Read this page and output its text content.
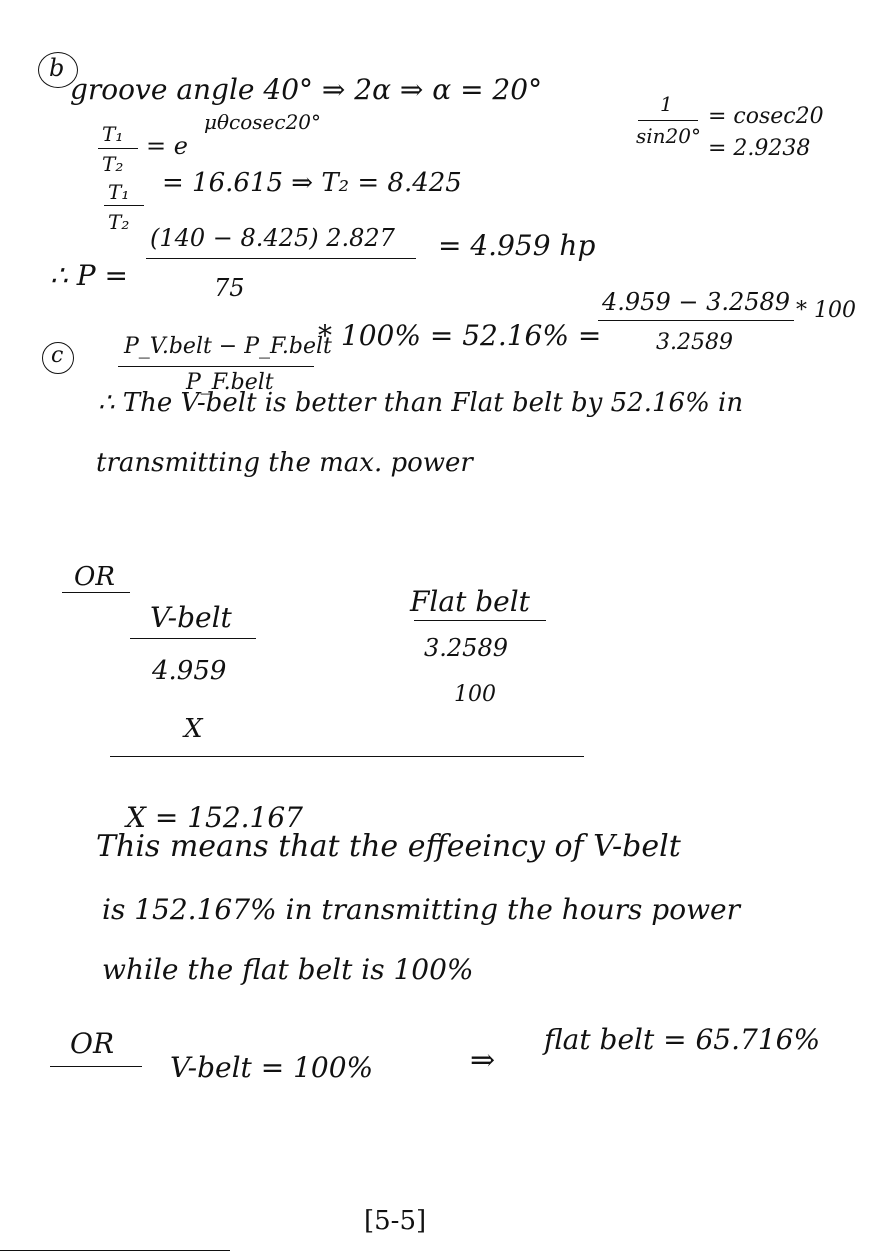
b
groove angle 40° ⇒ 2α ⇒ α = 20°
T₁
T₂
= e
μθcosec20°
1
sin20°
= cosec20
= 2.9238
T₁
T₂
= 16.615 ⇒ T₂ = 8.425
∴ P =
(140 − 8.425) 2.827
75
= 4.959 hp
c	P_V.belt − P_F.belt
P_F.belt
* 100% = 52.16% =
4.959 − 3.2589 * 100
3.2589
∴ The V-belt is better than Flat belt by 52.16% in
transmitting the max. power
OR
V-belt	Flat belt
4.959
3.2589
X
100
X = 152.167
This means that the effeeincy of V-belt
is 152.167% in transmitting the hours power
while the flat belt is 100%
OR
V-belt = 100%	⇒
flat belt = 65.716%
[5-5]
